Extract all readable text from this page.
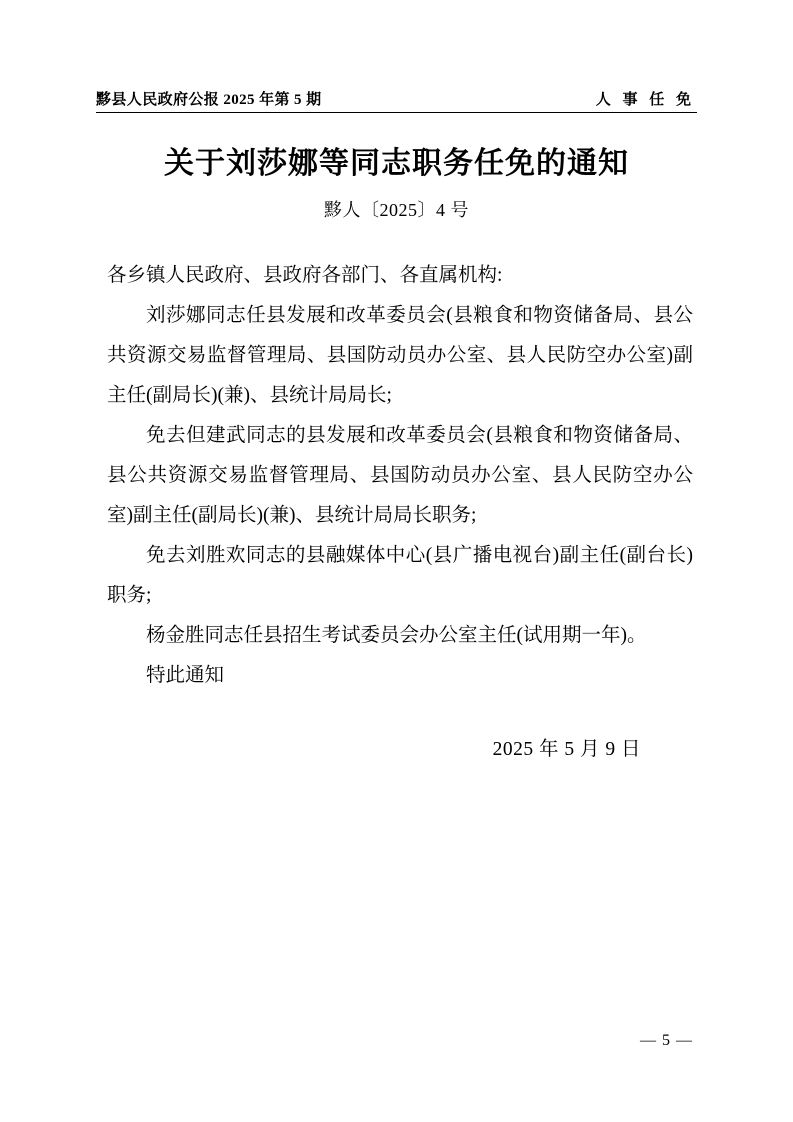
黟县人民政府公报 2025 年第 5 期	人 事 任 免
关于刘莎娜等同志职务任免的通知
黟人〔2025〕4 号

各乡镇人民政府、县政府各部门、各直属机构:

刘莎娜同志任县发展和改革委员会(县粮食和物资储备局、县公共资源交易监督管理局、县国防动员办公室、县人民防空办公室)副主任(副局长)(兼)、县统计局局长;

免去但建武同志的县发展和改革委员会(县粮食和物资储备局、县公共资源交易监督管理局、县国防动员办公室、县人民防空办公室)副主任(副局长)(兼)、县统计局局长职务;

免去刘胜欢同志的县融媒体中心(县广播电视台)副主任(副台长)职务;

杨金胜同志任县招生考试委员会办公室主任(试用期一年)。

特此通知

2025 年 5 月 9 日
— 5 —
